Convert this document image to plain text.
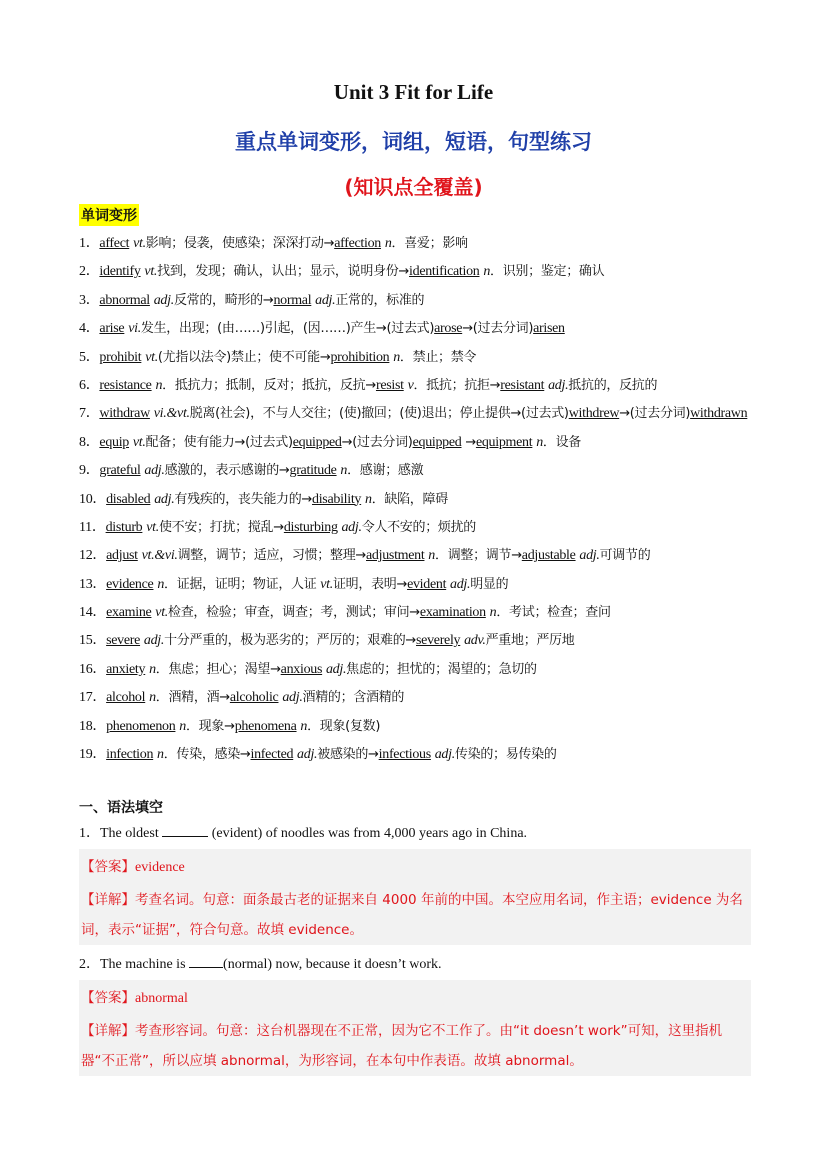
Unit 3 Fit for Life
重点单词变形，词组，短语，句型练习
(知识点全覆盖)
单词变形
1．affect vt.影响；侵袭，使感染；深深打动→affection n．喜爱；影响
2．identify vt.找到，发现；确认，认出；显示，说明身份→identification n．识别；鉴定；确认
3．abnormal adj.反常的，畸形的→normal adj.正常的，标准的
4．arise vi.发生，出现；(由……)引起，(因……)产生→(过去式)arose→(过去分词)arisen
5．prohibit vt.(尤指以法令)禁止；使不可能→prohibition n．禁止；禁令
6．resistance n．抵抗力；抵制，反对；抵抗，反抗→resist v．抵抗；抗拒→resistant adj.抵抗的，反抗的
7．withdraw vi.&vt.脱离(社会)，不与人交往；(使)撤回；(使)退出；停止提供→(过去式)withdrew→(过去分词)withdrawn
8．equip vt.配备；使有能力→(过去式)equipped→(过去分词)equipped →equipment n．设备
9．grateful adj.感激的，表示感谢的→gratitude n．感谢；感激
10．disabled adj.有残疾的，丧失能力的→disability n．缺陷，障碍
11．disturb vt.使不安；打扰；搅乱→disturbing adj.令人不安的；烦扰的
12．adjust vt.&vi.调整，调节；适应，习惯；整理→adjustment n．调整；调节→adjustable adj.可调节的
13．evidence n．证据，证明；物证，人证 vt.证明，表明→evident adj.明显的
14．examine vt.检查，检验；审查，调查；考，测试；审问→examination n．考试；检查；查问
15．severe adj.十分严重的，极为恶劣的；严厉的；艰难的→severely adv.严重地；严厉地
16．anxiety n．焦虑；担心；渴望→anxious adj.焦虑的；担忧的；渴望的；急切的
17．alcohol n．酒精，酒→alcoholic adj.酒精的；含酒精的
18．phenomenon n．现象→phenomena n．现象(复数)
19．infection n．传染，感染→infected adj.被感染的→infectious adj.传染的；易传染的
一、语法填空
1．The oldest	(evident) of noodles was from 4,000 years ago in China.
【答案】evidence
【详解】考查名词。句意：面条最古老的证据来自 4000 年前的中国。本空应用名词，作主语；evidence 为名词，表示“证据”，符合句意。故填 evidence。
2．The machine is (normal) now, because it doesn’t work.
【答案】abnormal
【详解】考查形容词。句意：这台机器现在不正常，因为它不工作了。由“it doesn’t work”可知，这里指机器“不正常”，所以应填 abnormal，为形容词，在本句中作表语。故填 abnormal。
